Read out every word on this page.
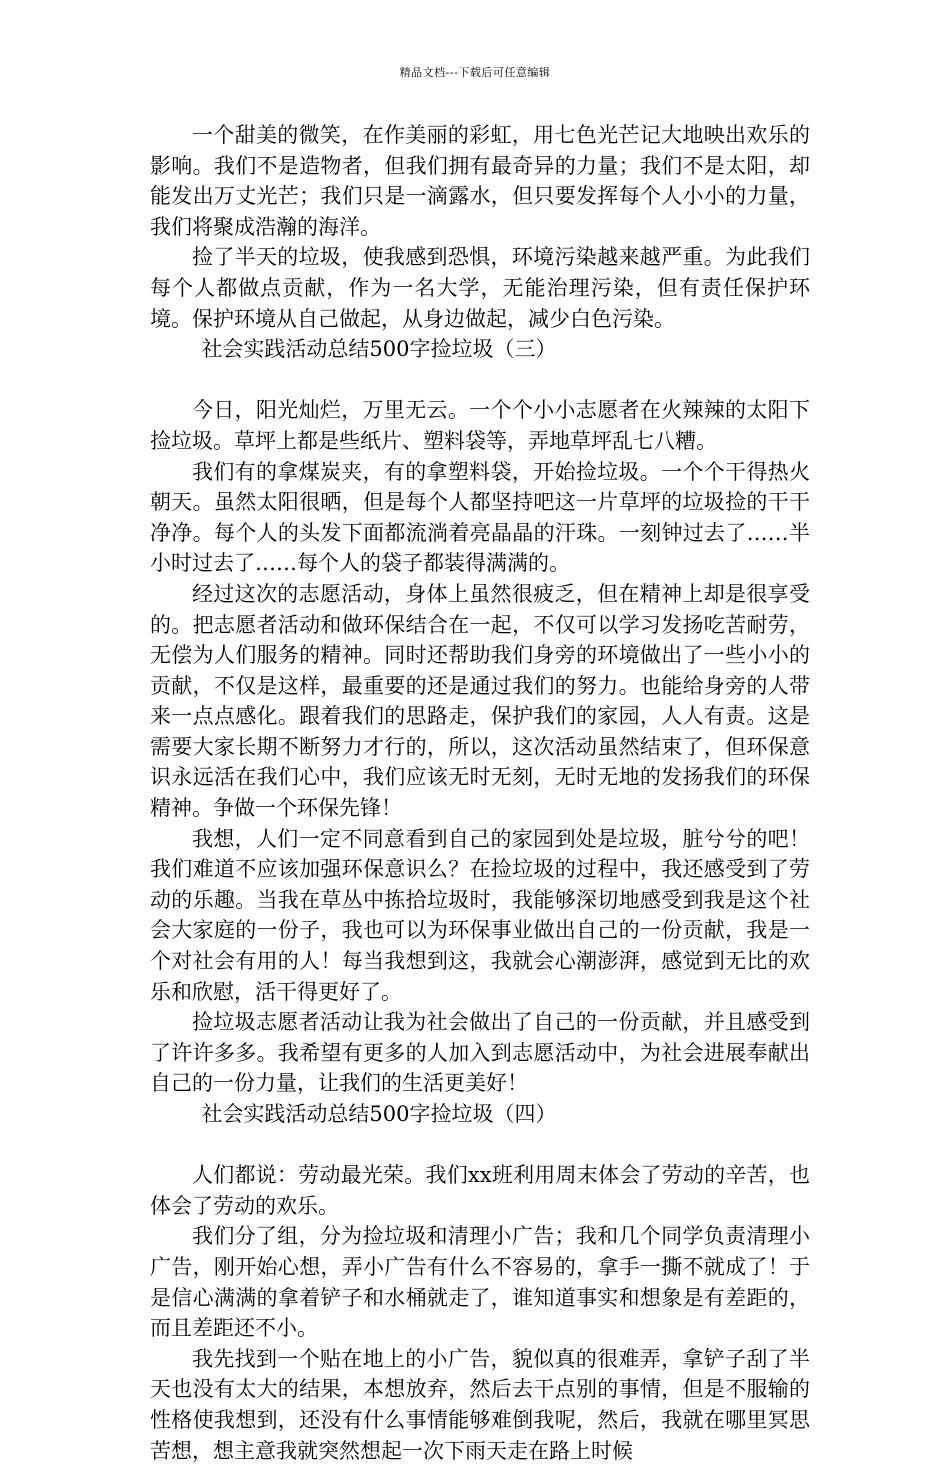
精品文档---下载后可任意编辑

一个甜美的微笑，在作美丽的彩虹，用七色光芒记大地映出欢乐的影响。我们不是造物者，但我们拥有最奇异的力量；我们不是太阳，却能发出万丈光芒；我们只是一滴露水，但只要发挥每个人小小的力量，我们将聚成浩瀚的海洋。

捡了半天的垃圾，使我感到恐惧，环境污染越来越严重。为此我们每个人都做点贡献，作为一名大学，无能治理污染，但有责任保护环境。保护环境从自己做起，从身边做起，减少白色污染。

社会实践活动总结500字捡垃圾（三）

今日，阳光灿烂，万里无云。一个个小小志愿者在火辣辣的太阳下捡垃圾。草坪上都是些纸片、塑料袋等，弄地草坪乱七八糟。

我们有的拿煤炭夹，有的拿塑料袋，开始捡垃圾。一个个干得热火朝天。虽然太阳很晒，但是每个人都坚持吧这一片草坪的垃圾捡的干干净净。每个人的头发下面都流淌着亮晶晶的汗珠。一刻钟过去了……半小时过去了……每个人的袋子都装得满满的。

经过这次的志愿活动，身体上虽然很疲乏，但在精神上却是很享受的。把志愿者活动和做环保结合在一起，不仅可以学习发扬吃苦耐劳，无偿为人们服务的精神。同时还帮助我们身旁的环境做出了一些小小的贡献，不仅是这样，最重要的还是通过我们的努力。也能给身旁的人带来一点点感化。跟着我们的思路走，保护我们的家园，人人有责。这是需要大家长期不断努力才行的，所以，这次活动虽然结束了，但环保意识永远活在我们心中，我们应该无时无刻，无时无地的发扬我们的环保精神。争做一个环保先锋！

我想，人们一定不同意看到自己的家园到处是垃圾，脏兮兮的吧！我们难道不应该加强环保意识么？在捡垃圾的过程中，我还感受到了劳动的乐趣。当我在草丛中拣拾垃圾时，我能够深切地感受到我是这个社会大家庭的一份子，我也可以为环保事业做出自己的一份贡献，我是一个对社会有用的人！每当我想到这，我就会心潮澎湃，感觉到无比的欢乐和欣慰，活干得更好了。

捡垃圾志愿者活动让我为社会做出了自己的一份贡献，并且感受到了许许多多。我希望有更多的人加入到志愿活动中，为社会进展奉献出自己的一份力量，让我们的生活更美好！

社会实践活动总结500字捡垃圾（四）

人们都说：劳动最光荣。我们xx班利用周末体会了劳动的辛苦，也体会了劳动的欢乐。

我们分了组，分为捡垃圾和清理小广告；我和几个同学负责清理小广告，刚开始心想，弄小广告有什么不容易的，拿手一撕不就成了！于是信心满满的拿着铲子和水桶就走了，谁知道事实和想象是有差距的，而且差距还不小。

我先找到一个贴在地上的小广告，貌似真的很难弄，拿铲子刮了半天也没有太大的结果，本想放弃，然后去干点别的事情，但是不服输的性格使我想到，还没有什么事情能够难倒我呢，然后，我就在哪里冥思苦想，想主意我就突然想起一次下雨天走在路上时候
